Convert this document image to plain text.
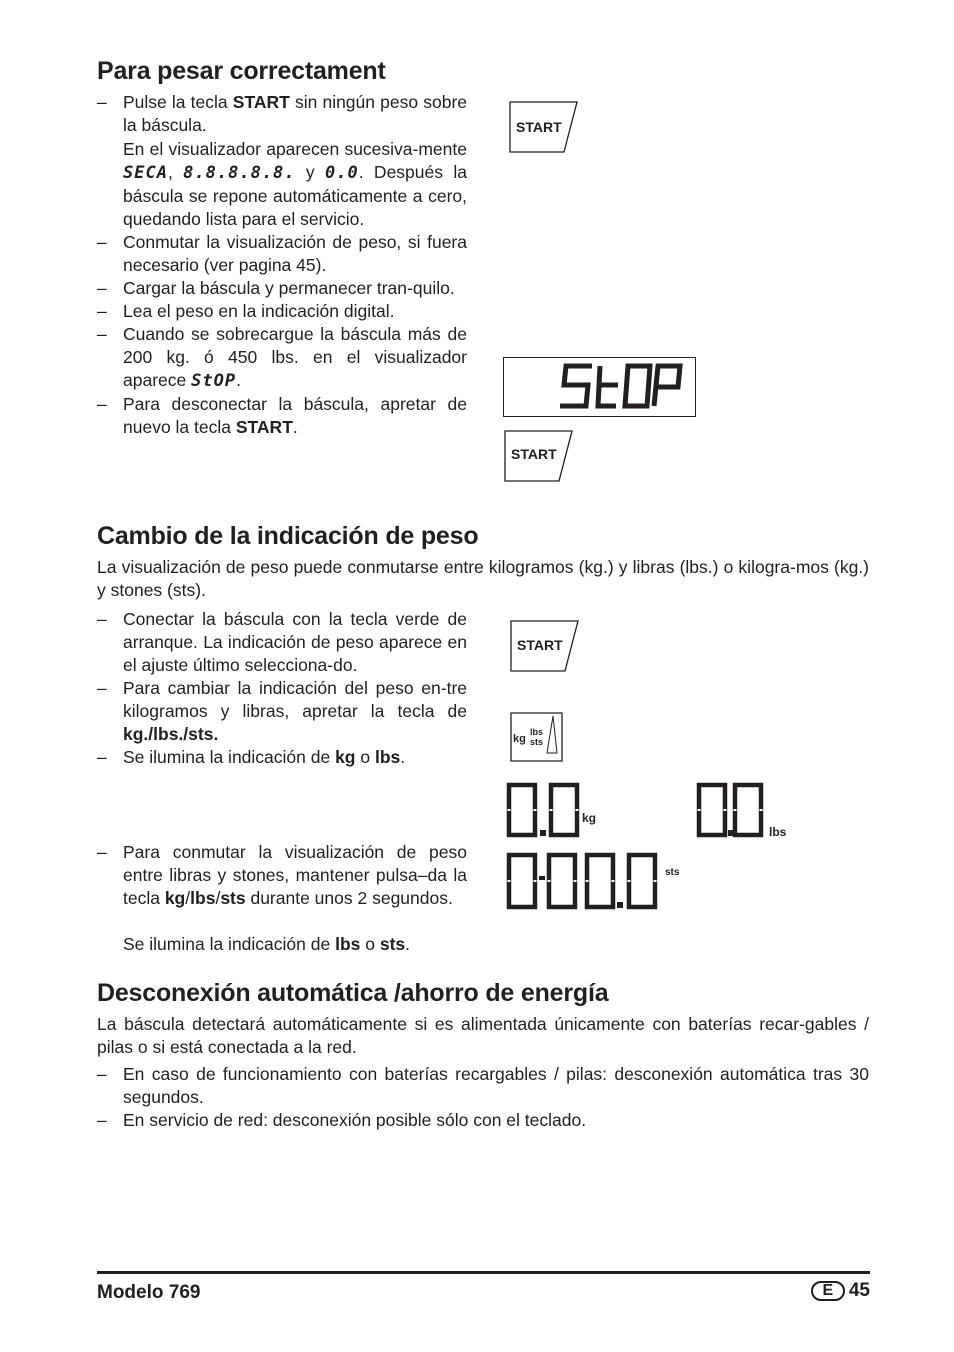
Para pesar correctament
– Pulse la tecla START sin ningún peso sobre la báscula.
En el visualizador aparecen sucesiva-mente SECA, 8.8.8.8.8. y 0.0. Después la báscula se repone automáticamente a cero, quedando lista para el servicio.
– Conmutar la visualización de peso, si fuera necesario (ver pagina 45).
– Cargar la báscula y permanecer tran-quilo.
– Lea el peso en la indicación digital.
– Cuando se sobrecargue la báscula más de 200 kg. ó 450 lbs. en el visualizador aparece StOP.
– Para desconectar la báscula, apretar de nuevo la tecla START.
START
StOP
START
Cambio de la indicación de peso
La visualización de peso puede conmutarse entre kilogramos (kg.) y libras (lbs.) o kilogra-mos (kg.) y stones (sts).
– Conectar la báscula con la tecla verde de arranque. La indicación de peso aparece en el ajuste último selecciona-do.
– Para cambiar la indicación del peso en-tre kilogramos y libras, apretar la tecla de kg./lbs./sts.
– Se ilumina la indicación de kg o lbs.
– Para conmutar la visualización de peso entre libras y stones, mantener pulsa–da la tecla kg/lbs/sts durante unos 2 segundos.
Se ilumina la indicación de lbs o sts.
START
kg
lbs
sts
kg
0.0
lbs
0.0
sts
0:00.0
Desconexión automática /ahorro de energía
La báscula detectará automáticamente si es alimentada únicamente con baterías recar-gables / pilas o si está conectada a la red.
– En caso de funcionamiento con baterías recargables / pilas: desconexión automática tras 30 segundos.
– En servicio de red: desconexión posible sólo con el teclado.
Modelo 769	E 45
